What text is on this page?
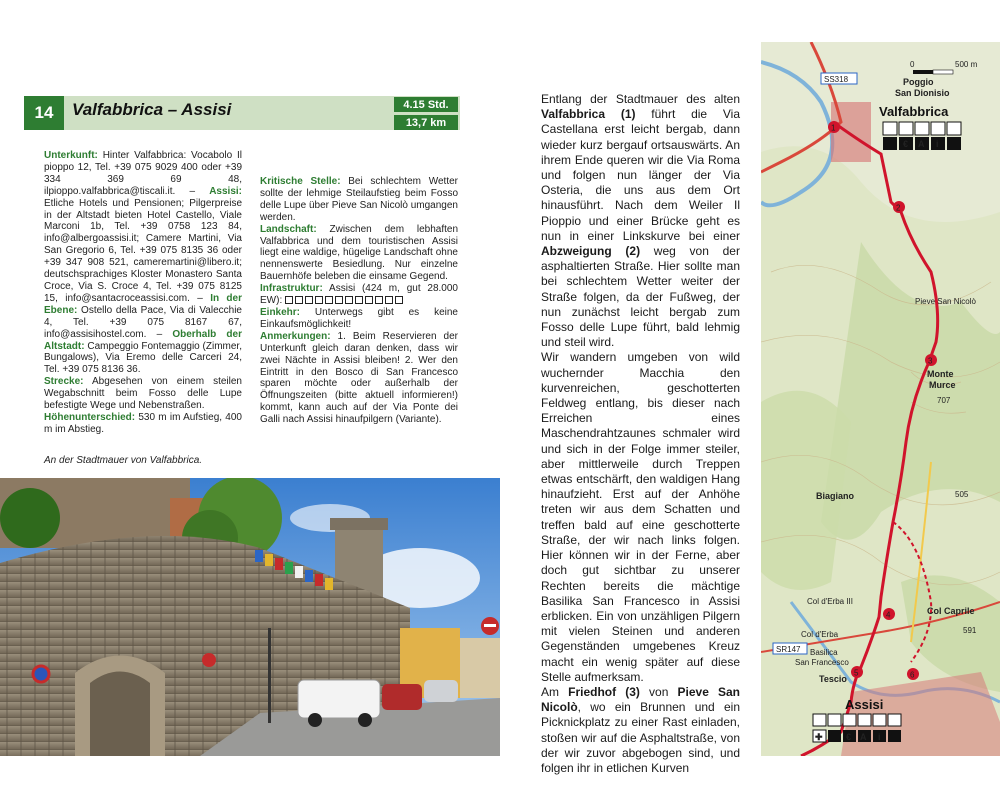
14	Valfabbrica – Assisi	4.15 Std.
13,7 km

Unterkunft: Hinter Valfabbrica: Vocabolo Il pioppo 12, Tel. +39 075 9029 400 oder +39 334 369 69 48, ilpioppo.valfabbrica@tiscali.it. – Assisi: Etliche Hotels und Pensionen; Pilgerpreise in der Altstadt bieten Hotel Castello, Viale Marconi 1b, Tel. +39 0758 123 84, info@albergoassisi.it; Camere Martini, Via San Gregorio 6, Tel. +39 075 8135 36 oder +39 347 908 521, cameremartini@libero.it; deutschsprachiges Kloster Monastero Santa Croce, Via S. Croce 4, Tel. +39 075 8125 15, info@santacroceassisi.com. – In der Ebene: Ostello della Pace, Via di Valecchie 4, Tel. +39 075 8167 67, info@assisihostel.com. – Oberhalb der Altstadt: Campeggio Fontemaggio (Zimmer, Bungalows), Via Eremo delle Carceri 24, Tel. +39 075 8136 36.

Strecke: Abgesehen von einem steilen Wegabschnitt beim Fosso delle Lupe befestigte Wege und Nebenstraßen.

Höhenunterschied: 530 m im Aufstieg, 400 m im Abstieg.

Kritische Stelle: Bei schlechtem Wetter sollte der lehmige Steilaufstieg beim Fosso delle Lupe über Pieve San Nicolò umgangen werden.

Landschaft: Zwischen dem lebhaften Valfabbrica und dem touristischen Assisi liegt eine waldige, hügelige Landschaft ohne nennenswerte Besiedlung. Nur einzelne Bauernhöfe beleben die einsame Gegend.

Infrastruktur: Assisi (424 m, gut 28.000 EW):

Einkehr: Unterwegs gibt es keine Einkaufsmöglichkeit!

Anmerkungen: 1. Beim Reservieren der Unterkunft gleich daran denken, dass wir zwei Nächte in Assisi bleiben! 2. Wer den Eintritt in den Bosco di San Francesco sparen möchte oder außerhalb der Öffnungszeiten (bitte aktuell informieren!) kommt, kann auch auf der Via Ponte dei Galli nach Assisi hinaufpilgern (Variante).

An der Stadtmauer von Valfabbrica.

Entlang der Stadtmauer des alten Valfabbrica (1) führt die Via Castellana erst leicht bergab, dann wieder kurz bergauf ortsauswärts. An ihrem Ende queren wir die Via Roma und folgen nun länger der Via Osteria, die uns aus dem Ort hinausführt. Nach dem Weiler Il Pioppio und einer Brücke geht es nun in einer Linkskurve bei einer Abzweigung (2) weg von der asphaltierten Straße. Hier sollte man bei schlechtem Wetter weiter der Straße folgen, da der Fußweg, der nun zunächst leicht bergab zum Fosso delle Lupe führt, bald lehmig und steil wird.

Wir wandern umgeben von wild wuchernder Macchia den kurvenreichen, geschotterten Feldweg entlang, bis dieser nach Erreichen eines Maschendrahtzaunes schmaler wird und sich in der Folge immer steiler, aber mittlerweile durch Treppen etwas entschärft, den waldigen Hang hinaufzieht. Erst auf der Anhöhe treten wir aus dem Schatten und treffen bald auf eine geschotterte Straße, der wir nach links folgen. Hier können wir in der Ferne, aber doch gut sichtbar zu unserer Rechten bereits die mächtige Basilika San Francesco in Assisi erblicken. Ein von unzähligen Pilgern mit vielen Steinen und anderen Gegenständen umgebenes Kreuz macht ein wenig später auf diese Stelle aufmerksam.

Am Friedhof (3) von Pieve San Nicolò, wo ein Brunnen und ein Picknickplatz zu einer Rast einladen, stoßen wir auf die Asphaltstraße, von der wir zuvor abgebogen sind, und folgen ihr in etlichen Kurven

0	500 m
SS318
SR147
505
Poggio
San Dionisio
Valfabbrica
Pieve San Nicolò
Monte
Murce
707
Biagiano
Col d'Erba III
Col Caprile
591
Col d'Erba
Basilica
San Francesco
Tescio
Assisi
1
2
3
4
5	6
€ A i
✚	€ A i
